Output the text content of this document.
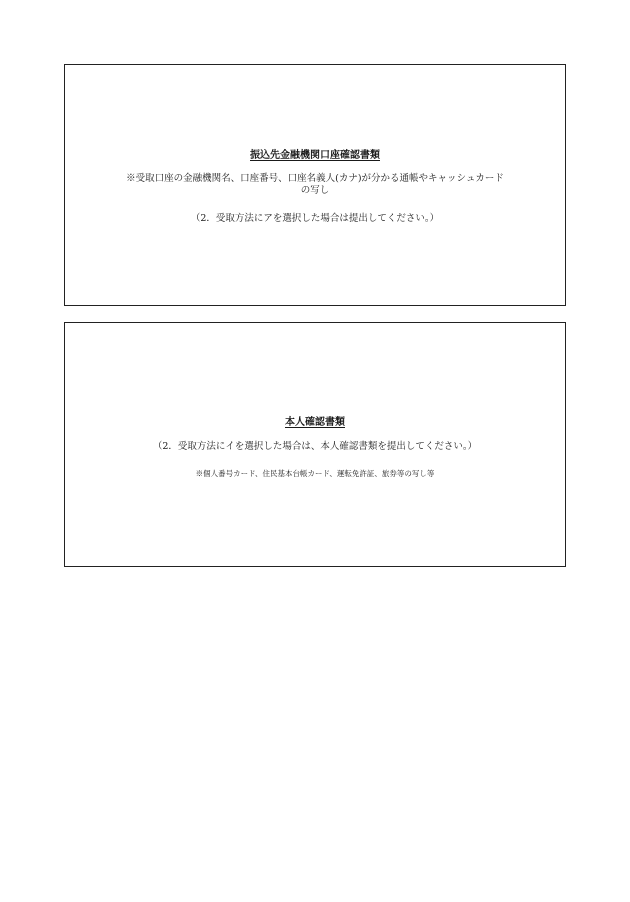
振込先金融機関口座確認書類
※受取口座の金融機関名、口座番号、口座名義人(カナ)が分かる通帳やキャッシュカード
の写し
（2．受取方法にアを選択した場合は提出してください。）
本人確認書類
（2．受取方法にイを選択した場合は、本人確認書類を提出してください。）
※個人番号カード、住民基本台帳カード、運転免許証、旅券等の写し等
